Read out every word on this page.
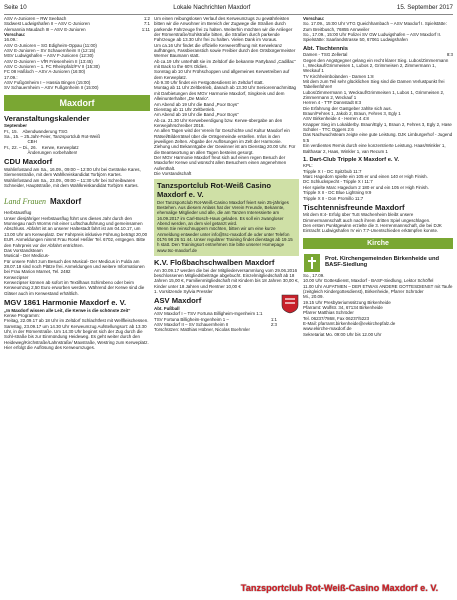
Seite 10	Lokale Nachrichten Maxdorf	15. September 2017
ASV A-Junioren – RW Seebach	1:2
Südwest Ludwigshafen II – ASV C-Junioren	7:1
Alemannia Maudach III – ASV E-Junioren	1:11
Vorschau:
16.09.:
ASV G-Junioren – SG Edigheim-Oppau (11:00)
ASV E-Junioren – SV Schauernheim II (12:15)
MSV Ludwigshafen – ASV F-Junioren (12:30)
ASV D-Junioren – VfR Friesenheim II (13:45)
ASV C-Junioren – 1. FC Rheinpfalz/FV II (15:30)
FC 08 Haßloch – ASV A-Junioren (16:00)
17.09.:
ASV Fußgönheim I – Hassia Bingen (15:00)
SV Schauernheim – ASV Fußgönheim II (15:00)
Maxdorf
Veranstaltungskalender
September
Fr., 15.    Abendwanderung TSG
Sa., 15. – 25.Jahr-Feier, Tanzsportclub Rot-Weiß
CBH
Fr., 22. – Di., 26.    Kerwe, Kerweplatz
Änderungen vorbehalten!
CDU Maxdorf
Wahlinfostand am Sa., 16.09., 09:00 – 12:00 Uhr bei Getränke Kares, Siemensstraße, mit dem Wahlkreiskandidat Torbjörn Kartes.
Wahlinfostand am Sa., 23.09., 09:00 – 11:30 Uhr bei Schreibwaren Schneider, Hauptstraße, mit dem Wahlkreiskandidat Torbjörn Kartes.
Land Frauen Maxdorf
Herbstausflug
Unser diesjähriger Herbstausflug führt uns dieses Jahr durch den Monnegau nach Worms mit einer Luftschauführung und gemeinsamen Abschluss. Abfahrt ist an unserer Haltestadt fahrt ist am 04.10.17, um 13.00 Uhr am Kerweplatz. Der Fahrpreis inklusive Führung beträgt 20,00 EUR. Anmeldungen nimmt Frau Rosel Heßler Tel. 6702, entgegen. Bitte den Fahrpreis vor der Abfahrt entrichten.
Das Vorstandsteam
Musical - Der Medicus-
Für unsere Fahrt zum Besuch des Musical- Der Medicus in Fulda am 28.07.18 sind noch Plätze frei. Anmeldungen und weitere Informationen bei Frau Marion Marnet, Tel. 2482
Kerwezipser
Kerwezipser können ab sofort im Textilhaus Schimbeno oder beim Kerweumzug 2,50 Euro erworben werden. Während der Kerwe sind die Gläser auch im Kerwestand erhältlich.
MGV 1861 Harmonie Maxdorf e. V.
„In Maxdorf wissen alle Leit, die Kerwe is die schönste Zeit“
Kerwe Programm:
Freitag, 22.09.17 ab 18 Uhr im Zeltdorf Schlachtfest mit Wellfleischessen.
Samstag, 23.09.17 um 14.30 Uhr Kerweumzug Aufstellungsort: ab 13.30 Uhr, in der Römerstraße. Um 14.30 Uhr beginnt sich der Zug durch die Sohl-straße bis zur Einmündung Heideweg. Es geht weiter durch den Heideweg/Kirchstraße/Lahnstraße/ Maxstraße, Westring zum Kerweplatz. Hier erfolgt die Auflösung des Kerweumzuges.
Um einen reibungslosen Verlauf des Kerweumzugs zu gewährleisten bitten wir die Anwohner im Bereich der Zugwege die Straßen durch parkende Fahrzeuge frei zu halten. Weiterhin möchten wir die Anlieger der Römerstraße/Sohlstraße bitten, die Straßen durch parkende Fahrzeuge ab 13.30 Uhr frei zu halten. Vielen Dank im Voraus.
Um ca.16 Uhr findet die offizielle Kerweeröffnung mit Kerwekranz aufhängen, Fassbieranstich sowie Freibier durch den Ortsbürgermeister Werner Baumann statt.
Ab ca.19 Uhr unterhält sie im Zeltdorf die bekannte Partyband „Cadillac“ mit Back to the 60’s Oldies.
Sonntag ab 10 Uhr Frühschoppen und allgemeines Kerwetreiben auf dem Kerweplatz.
Ab 9.30 Uhr findet ein Festgottesdienst im Zeltdorf statt.
Montag ab 11 Uhr Zeltbetrieb, danach ab 13.30 Uhr Seniorennachmittag mit Darbietungen des MGV Harmonie Maxdorf, Singkreis und dem Alleinunterhalter „De Mario“.
Am Abend ab 19 Uhr die Band „Poor Boys“
Dienstag ab 11 Uhr Zeltbetrieb.
Am Abend ab 19 Uhr die Band „Poor Boys“
Ab ca. 21.30 Uhr Kerwebeerdigung bzw. Kerwe-übergabe an den Kerwejahrschreiber 2018.
An allen Tagen wird der Verein für Geschichte und Kultur Maxdorf ein Rätsel/Bilderrätsel über die Ortsgemeinde erstellen. Infos in den jeweiligen Zelten. Abgabe der Auflösungen im Zelt der Harmonie. Ziehung und Bekanntgabe der Gewinner ist am Dienstag 20.00 Uhr. Für die Beantwortung an allen Tagen besteins gesorgt.
Der MGV Harmonie Maxdorf freut sich auf einen regen Besuch der Maxdorfer Kerwe und wünscht allen Besuchern einen angenehmen Aufenthalt.
Die Vorstandschaft
Tanzsportclub Rot-Weiß Casino Maxdorf e. V.
Der Tanzsportclub Rot-Weiß-Casino Maxdorf feiert sein 25-jähriges Bestehen. Aus diesem Anlass hat der Verein Freunde, Bekannte, ehemalige Mitglieder und alle, die am Tanzen Interessierte am 16.09.2017 im Carl-Bosch-Haus geladen. Es soll ein zwangloser Abend werden, an dem viel getanzt wird.
Wenn Sie reinschnuppern möchten, bitten wir um eine kurze Anmeldung entweder unter info@tsc-maxdorf.de oder unter Telefon 0176 98 26 51 44. Unser regulärer Training findet dienstags ab 19.15 h statt. Den Trainingsort entnehmen Sie bitte unserer Homepage www.tsc-maxdorf.de
K.V. Floßbachschwalben Maxdorf
Am 30.09.17 werden die bei der Mitgliederversammlung vom 29.06.2016 beschlossenen Mitgliedsbeiträge abgebucht. Einzelmitgliedschaft ab 18 Jahren 15,00 €, Familienmitgliedschaft mit Kindern bis 18 Jahren 30,00 €, Kinder unter 18 Jahren und Rentner 10,00 €
1. Vorsitzende Sylvia Pressler
ASV Maxdorf
Abt. Fußball
ASV Maxdorf I – TSV Fortuna Billigheim-Ingenheim 1:1
TSV Fortuna Billigheim-Ingenheim 1 –	1:1
ASV Maxdorf II – SV Schauernheim II	2:3
Torschützen: Matthias Hübner, Nicolas Boehmler
Vorschau:
So. 17.09., 15:00 Uhr VTG Queichhambach – ASV Maxdorf I. Spielstätte: Zum Breitbusch, 76855 Annweiler
So., 17.09., 15:00 Uhr Polizei SV GW Ludwigshafen – ASV Maxdorf II. Spielstätte: Saarlandstrasse 50, 67061 Ludwigshafen
Abt. Tischtennis
Damen - TSG Zellertal	8:3
Gegen den Angstgegner gelang ein recht klarer Sieg. Lubos/Zimmermann I., Weckauf/Grimmeisen 1, Lubos 2, Grimmeisen 2, Zimmermann 1, Weckauf 1
TV Kirchheimbolanden - Damen 1:8
Mit dem zum Teil sehr glücklichen Sieg sind die Damen Verlustpunkt frei Tabellenführer!
Lubos/Zimmermann 1, Weckauf/Grimmeisen 1, Lubos 1, Grimmeisen 2, Zimmermann 2, Weckauf 1
Herren 4 - TTF Dannstadt 8:3
Die Erfahrung der Gastgeber zahlte sich aus.
Braun/Fehres 1, Jakob 2, Braun, Fehres 3, Egly 1
ASV Birkenheide 4 - Herren 4 4:8
Knapper Sieg im Lokalderby. Braun/Egly 1, Braun 2, Fehres 3, Egly 2, Hase
Schüler - TTC Oggers 2:6
Das Nachwuchsteam zeigte eine gute Leistung. DJK Limburgerhof - Jugend 5:5
Ein verdientes Remis durch eine konzentrierte Leistung. Haas/Winkler 1, Balthasar 2, Haas, Winkler 1, van Recum 1
1. Dart-Club Tripple X Maxdorf e. V.
KPL:
Tripple X I - DC Spitzbub 11:7
Marc Hagedorn spielte ein 105 er und einen 140 er High Finish.
DC Schluckspecht - Tripple X I 11:7
Hier spielte Marc Hagedorn 2 180 er und ein 105 er High Finish.
Tripple X II - DC Blue Lightning 9:9
Tripple X II - Don Promillo 11:7
Tischtennisfreunde Maxdorf
Mit dem 8:4- Erfolg über TuS Wachenheim bleibt unsere Dimmermannschaft auch nach ihrem dritten Spiel ungeschlagen.
Den ersten Punktgewinn erzielte die 3. Herrenmannschaft, die bei DJK Eintracht Ludwigshafen IV ein 7:7-Unentschieden erkämpfen konnte.
Kirche
Prot. Kirchengemeinden Birkenheide und BASF-Siedlung
So., 17.09.
10.00 Uhr Gottesdienst, Maxdorf - BASF-Siedlung, Lektor Schöffel
11.00 Uhr AUFATMEN – DER ETWAS ANDERE GOTTESDIENST mit Taufe (zeitgleich Kindergottesdienst), Birkenheide, Pfarrer Schröder
Mi., 20.09.
19.15 Uhr Presbyteriumssitzung Birkenheide
Pfarramt: Wolfstr. 34, 67134 Birkenheide
Pfarrer Matthias Schröder
Tel. 06237/7868, Fax 06237/5223
E-Mail: pfarramt.birkenheide@evkirchepfalz.de
www.ekirche-maxdorf.de
Sekretariat Mo. 09:00 Uhr bis 12.00 Uhr
Tanzsportclub Rot-Weiß-Casino Maxdorf e. V.
